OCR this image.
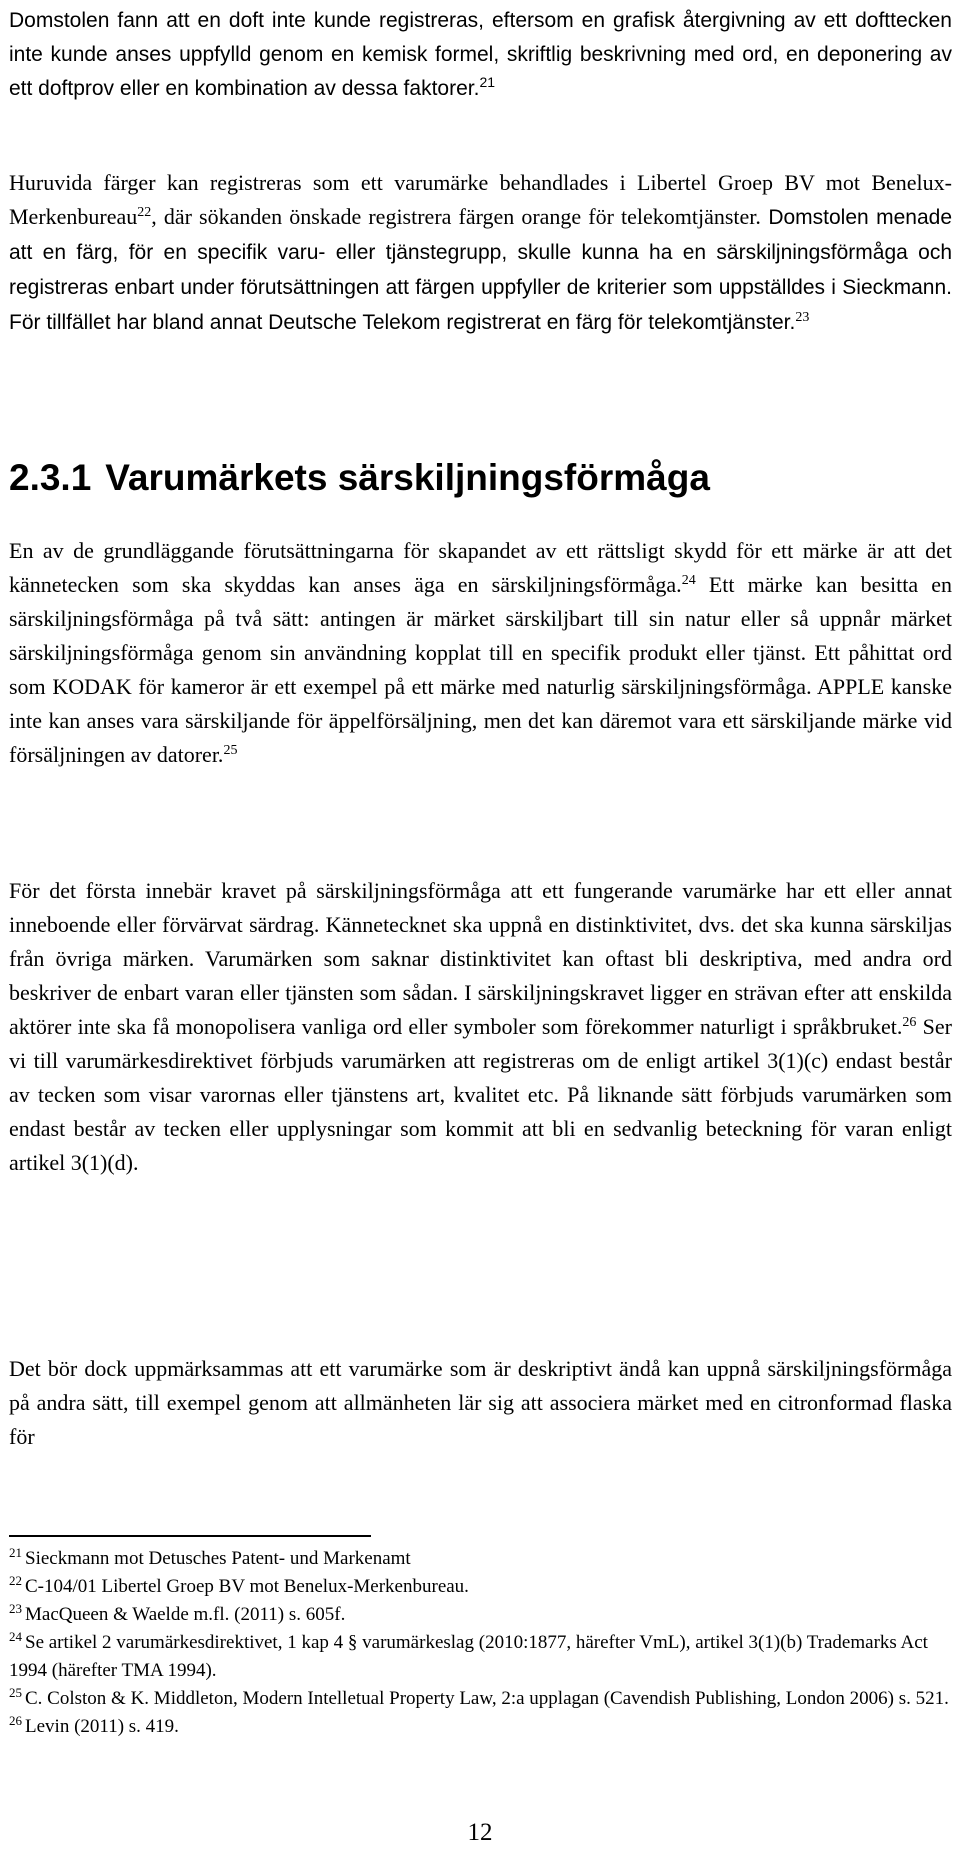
Domstolen fann att en doft inte kunde registreras, eftersom en grafisk återgivning av ett dofttecken inte kunde anses uppfylld genom en kemisk formel, skriftlig beskrivning med ord, en deponering av ett doftprov eller en kombination av dessa faktorer.$^{21}$

Huruvida färger kan registreras som ett varumärke behandlades i Libertel Groep BV mot Benelux-Merkenbureau$^{22}$, där sökanden önskade registrera färgen orange för telekomtjänster. Domstolen menade att en färg, för en specifik varu- eller tjänstegrupp, skulle kunna ha en särskiljningsförmåga och registreras enbart under förutsättningen att färgen uppfyller de kriterier som uppställdes i Sieckmann. För tillfället har bland annat Deutsche Telekom registrerat en färg för telekomtjänster.$^{23}$

2.3.1 Varumärkets särskiljningsförmåga

En av de grundläggande förutsättningarna för skapandet av ett rättsligt skydd för ett märke är att det kännetecken som ska skyddas kan anses äga en särskiljningsförmåga.$^{24}$ Ett märke kan besitta en särskiljningsförmåga på två sätt: antingen är märket särskiljbart till sin natur eller så uppnår märket särskiljningsförmåga genom sin användning kopplat till en specifik produkt eller tjänst. Ett påhittat ord som KODAK för kameror är ett exempel på ett märke med naturlig särskiljningsförmåga. APPLE kanske inte kan anses vara särskiljande för äppelförsäljning, men det kan däremot vara ett särskiljande märke vid försäljningen av datorer.$^{25}$

För det första innebär kravet på särskiljningsförmåga att ett fungerande varumärke har ett eller annat inneboende eller förvärvat särdrag. Kännetecknet ska uppnå en distinktivitet, dvs. det ska kunna särskiljas från övriga märken. Varumärken som saknar distinktivitet kan oftast bli deskriptiva, med andra ord beskriver de enbart varan eller tjänsten som sådan. I särskiljningskravet ligger en strävan efter att enskilda aktörer inte ska få monopolisera vanliga ord eller symboler som förekommer naturligt i språkbruket.$^{26}$ Ser vi till varumärkesdirektivet förbjuds varumärken att registreras om de enligt artikel 3(1)(c) endast består av tecken som visar varornas eller tjänstens art, kvalitet etc. På liknande sätt förbjuds varumärken som endast består av tecken eller upplysningar som kommit att bli en sedvanlig beteckning för varan enligt artikel 3(1)(d).

Det bör dock uppmärksammas att ett varumärke som är deskriptivt ändå kan uppnå särskiljningsförmåga på andra sätt, till exempel genom att allmänheten lär sig att associera märket med en citronformad flaska för

$^{21}$ Sieckmann mot Detusches Patent- und Markenamt
$^{22}$ C-104/01 Libertel Groep BV mot Benelux-Merkenbureau.
$^{23}$ MacQueen & Waelde m.fl. (2011) s. 605f.
$^{24}$ Se artikel 2 varumärkesdirektivet, 1 kap 4 § varumärkeslag (2010:1877, härefter VmL), artikel 3(1)(b) Trademarks Act 1994 (härefter TMA 1994).
$^{25}$ C. Colston & K. Middleton, Modern Intelletual Property Law, 2:a upplagan (Cavendish Publishing, London 2006) s. 521.
$^{26}$ Levin (2011) s. 419.
12
